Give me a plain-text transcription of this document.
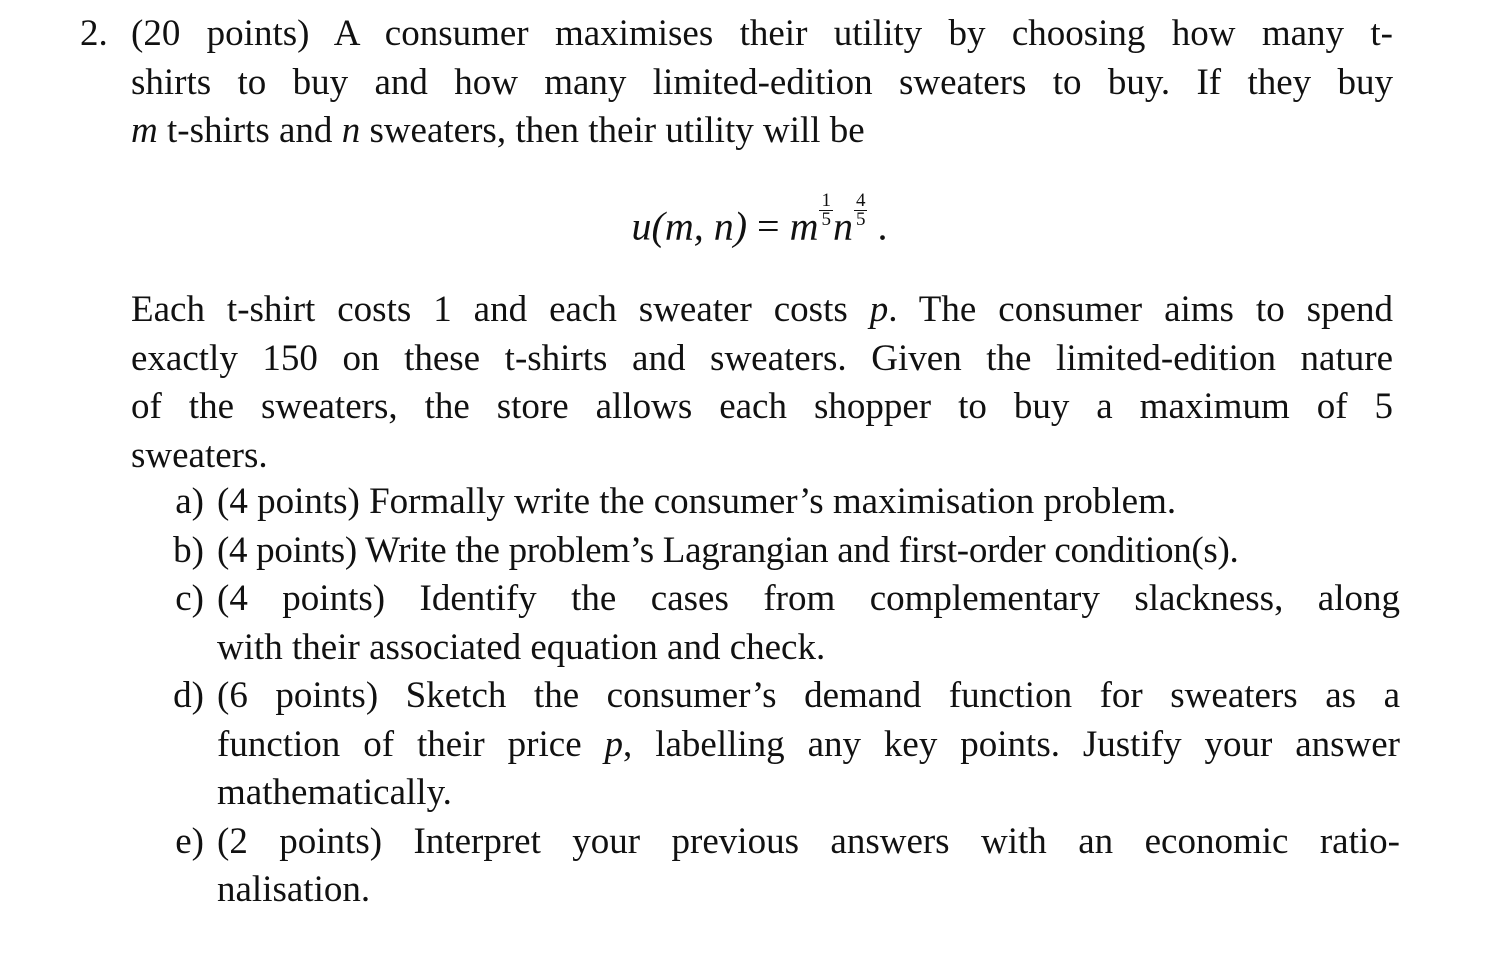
2. (20 points) A consumer maximises their utility by choosing how many t-
shirts to buy and how many limited-edition sweaters to buy. If they buy
m t-shirts and n sweaters, then their utility will be
u(m, n) = m $\frac{1}{5}$ n $\frac{4}{5}$ .
Each t-shirt costs 1 and each sweater costs p. The consumer aims to spend
exactly 150 on these t-shirts and sweaters. Given the limited-edition nature
of the sweaters, the store allows each shopper to buy a maximum of 5
sweaters.
a) (4 points) Formally write the consumer’s maximisation problem.
b) (4 points) Write the problem’s Lagrangian and first-order condition(s).
c) (4 points) Identify the cases from complementary slackness, along
with their associated equation and check.
d) (6 points) Sketch the consumer’s demand function for sweaters as a
function of their price p, labelling any key points. Justify your answer
mathematically.
e) (2 points) Interpret your previous answers with an economic ratio-
nalisation.
